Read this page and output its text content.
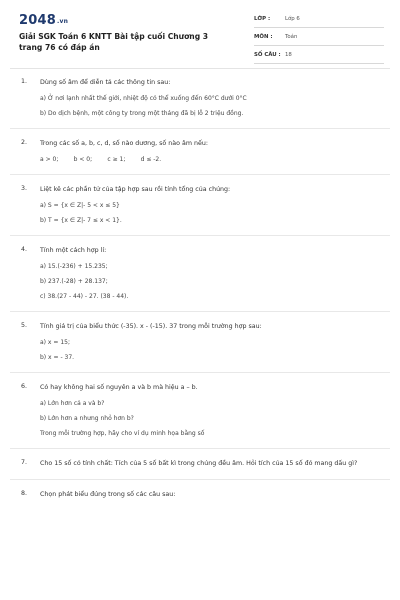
2048.vn
Giải SGK Toán 6 KNTT Bài tập cuối Chương 3 trang 76 có đáp án
LỚP :	Lớp 6
MÔN : Toán
SỐ CÂU : 18
1. Dùng số âm để diễn tả các thông tin sau:
a) Ở nơi lạnh nhất thế giới, nhiệt độ có thể xuống đến 60°C dưới 0°C
b) Do dịch bệnh, một công ty trong một tháng đã bị lỗ 2 triệu đồng.
2. Trong các số a, b, c, d, số nào dương, số nào âm nếu:
a > 0;        b < 0;        c ≥ 1;        d ≤ -2.
3. Liệt kê các phần tử của tập hợp sau rồi tính tổng của chúng:
a) S = {x ∈ Z|- 5 < x ≤ 5}
b) T = {x ∈ Z|- 7 ≤ x < 1}.
4. Tính một cách hợp lí:
a) 15.(-236) + 15.235;
b) 237.(-28) + 28.137;
c) 38.(27 - 44) - 27. (38 - 44).
5. Tính giá trị của biểu thức (-35). x - (-15). 37 trong mỗi trường hợp sau:
a) x = 15;
b) x = - 37.
6. Có hay không hai số nguyên a và b mà hiệu a – b.
a) Lớn hơn cả a và b?
b) Lớn hơn a nhưng nhỏ hơn b?
Trong mỗi trường hợp, hãy cho ví dụ minh họa bằng số
7. Cho 15 số có tính chất: Tích của 5 số bất kì trong chúng đều âm. Hỏi tích của 15 số đó mang dấu gì?
8. Chọn phát biểu đúng trong số các câu sau:
